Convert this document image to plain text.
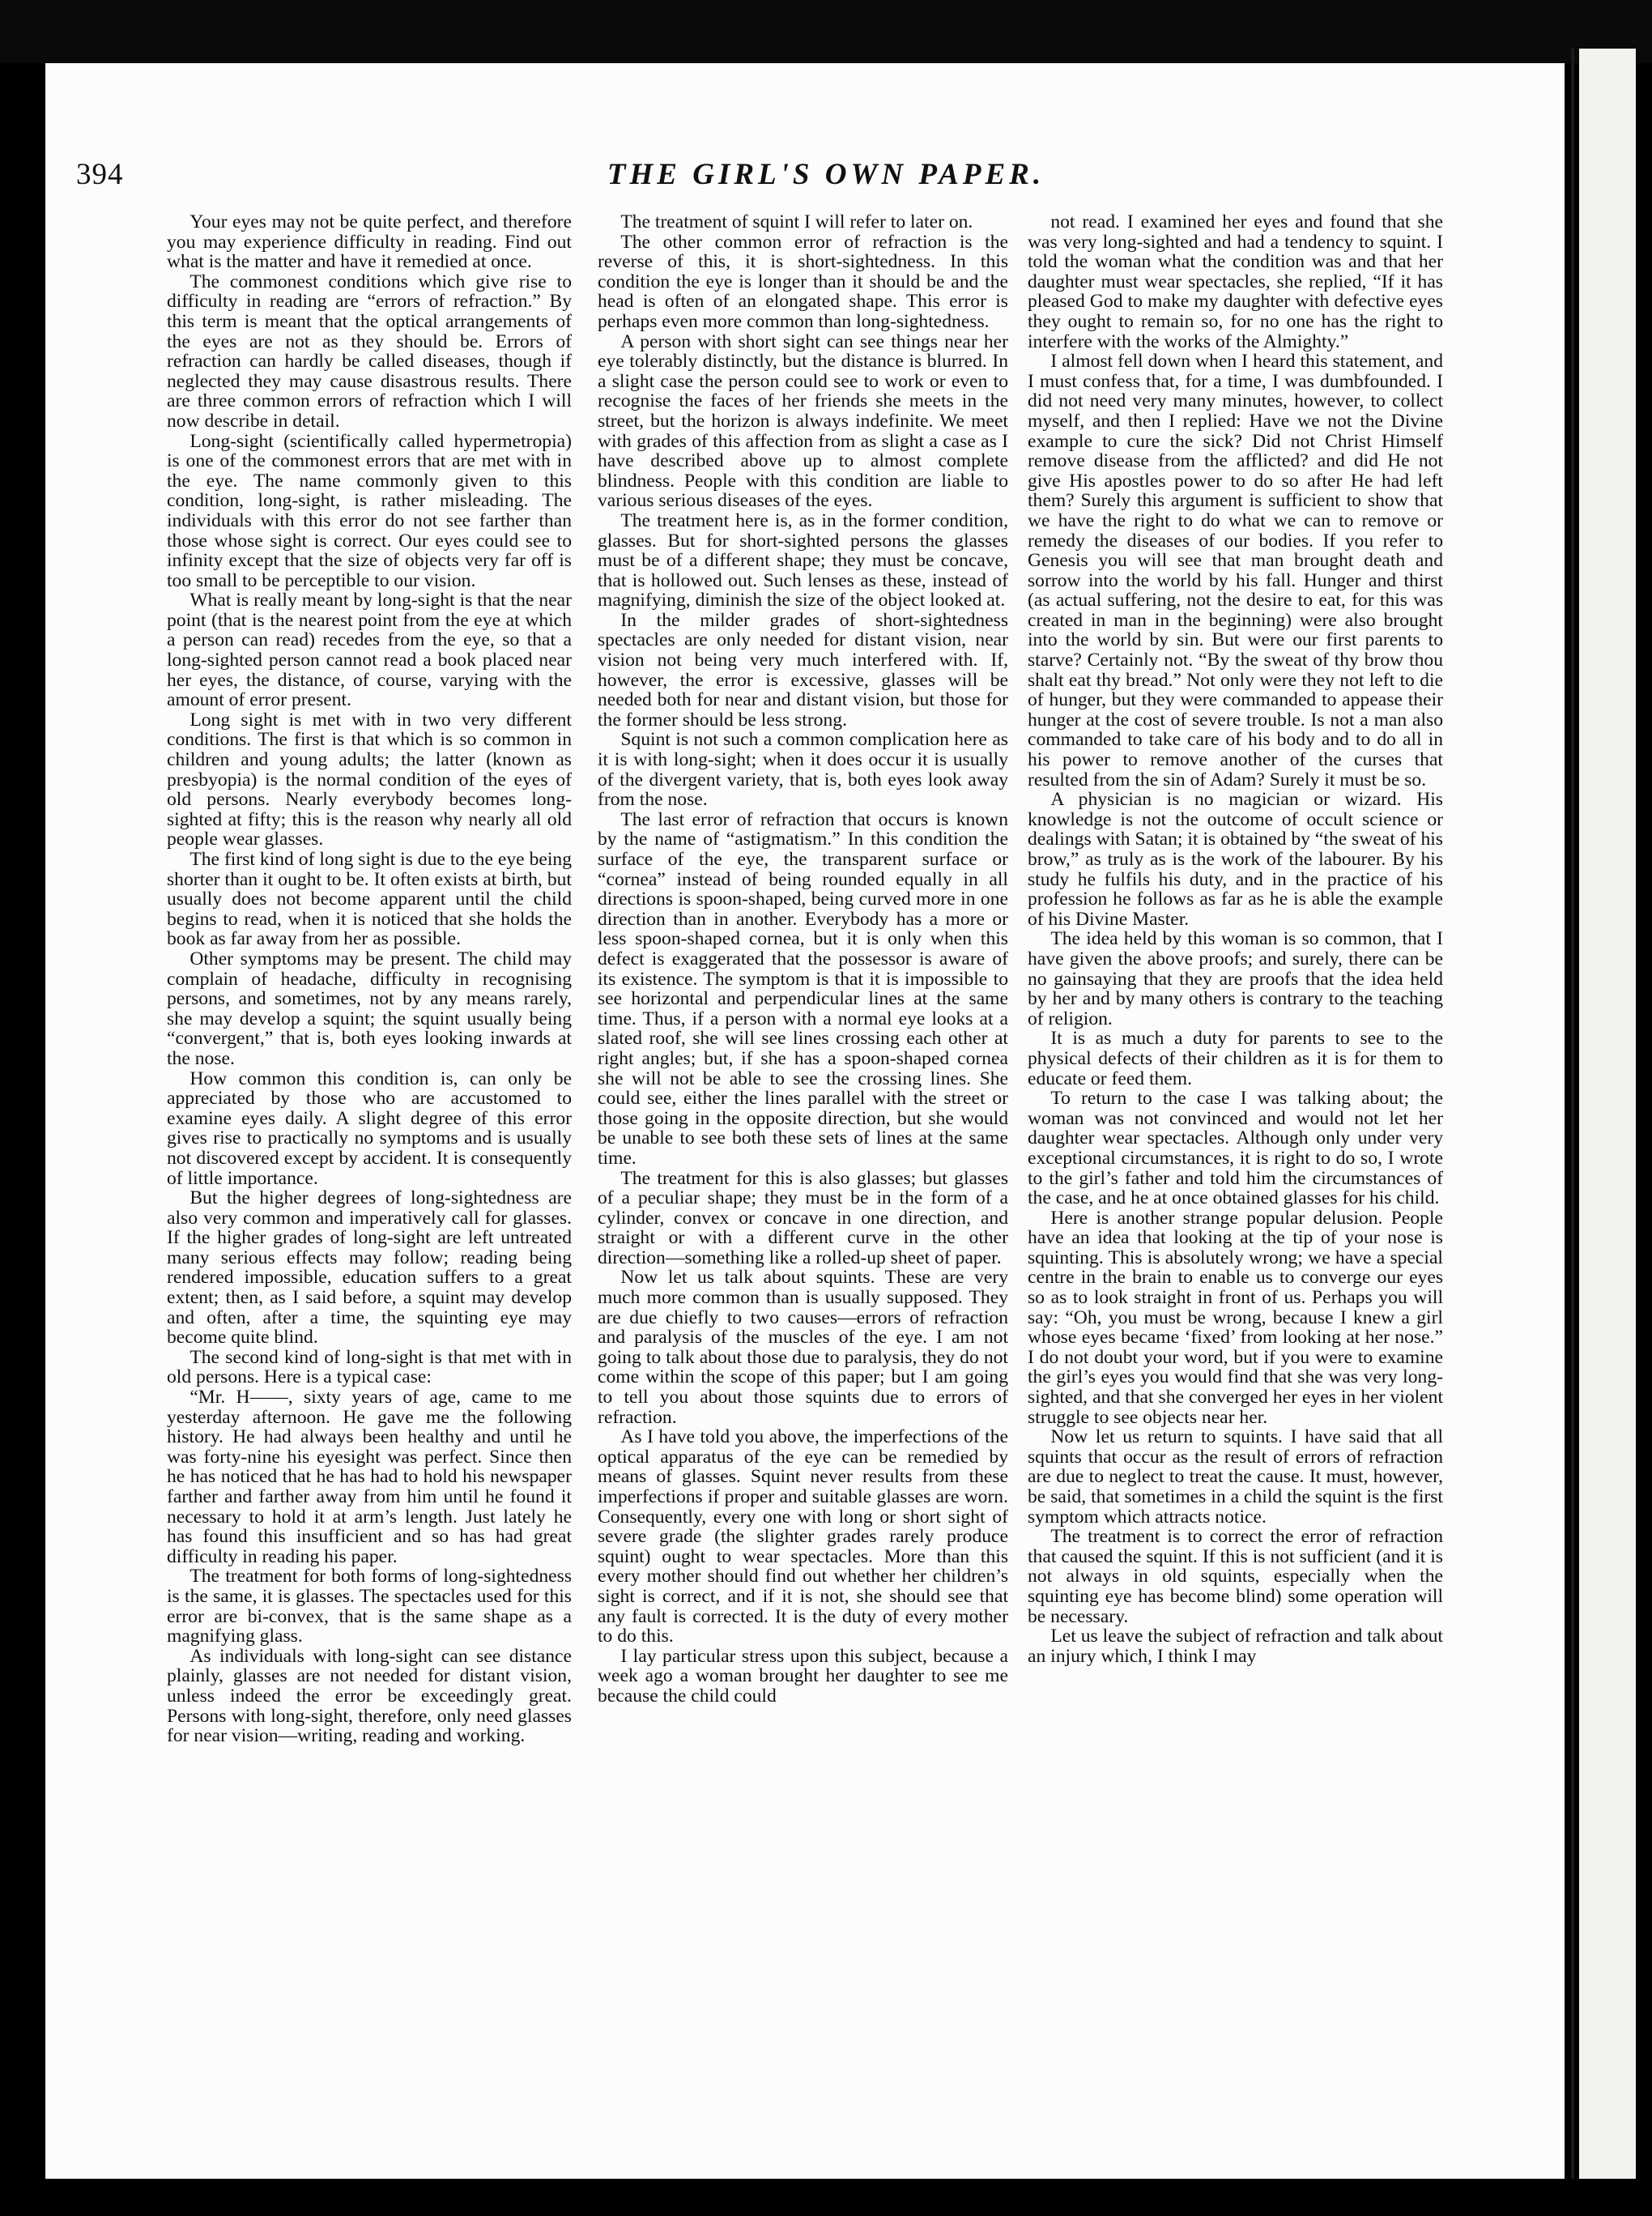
394	THE GIRL'S OWN PAPER.

Your eyes may not be quite perfect, and therefore you may experience difficulty in reading. Find out what is the matter and have it remedied at once.

The commonest conditions which give rise to difficulty in reading are “errors of refraction.” By this term is meant that the optical arrangements of the eyes are not as they should be. Errors of refraction can hardly be called diseases, though if neglected they may cause disastrous results. There are three common errors of refraction which I will now describe in detail.

Long-sight (scientifically called hypermetropia) is one of the commonest errors that are met with in the eye. The name commonly given to this condition, long-sight, is rather misleading. The individuals with this error do not see farther than those whose sight is correct. Our eyes could see to infinity except that the size of objects very far off is too small to be perceptible to our vision.

What is really meant by long-sight is that the near point (that is the nearest point from the eye at which a person can read) recedes from the eye, so that a long-sighted person cannot read a book placed near her eyes, the distance, of course, varying with the amount of error present.

Long sight is met with in two very different conditions. The first is that which is so common in children and young adults; the latter (known as presbyopia) is the normal condition of the eyes of old persons. Nearly everybody becomes long-sighted at fifty; this is the reason why nearly all old people wear glasses.

The first kind of long sight is due to the eye being shorter than it ought to be. It often exists at birth, but usually does not become apparent until the child begins to read, when it is noticed that she holds the book as far away from her as possible.

Other symptoms may be present. The child may complain of headache, difficulty in recognising persons, and sometimes, not by any means rarely, she may develop a squint; the squint usually being “convergent,” that is, both eyes looking inwards at the nose.

How common this condition is, can only be appreciated by those who are accustomed to examine eyes daily. A slight degree of this error gives rise to practically no symptoms and is usually not discovered except by accident. It is consequently of little importance.

But the higher degrees of long-sightedness are also very common and imperatively call for glasses. If the higher grades of long-sight are left untreated many serious effects may follow; reading being rendered impossible, education suffers to a great extent; then, as I said before, a squint may develop and often, after a time, the squinting eye may become quite blind.

The second kind of long-sight is that met with in old persons. Here is a typical case:

“Mr. H——, sixty years of age, came to me yesterday afternoon. He gave me the following history. He had always been healthy and until he was forty-nine his eyesight was perfect. Since then he has noticed that he has had to hold his newspaper farther and farther away from him until he found it necessary to hold it at arm’s length. Just lately he has found this insufficient and so has had great difficulty in reading his paper.

The treatment for both forms of long-sightedness is the same, it is glasses. The spectacles used for this error are bi-convex, that is the same shape as a magnifying glass.

As individuals with long-sight can see distance plainly, glasses are not needed for distant vision, unless indeed the error be exceedingly great. Persons with long-sight, therefore, only need glasses for near vision—writing, reading and working.

The treatment of squint I will refer to later on.

The other common error of refraction is the reverse of this, it is short-sightedness. In this condition the eye is longer than it should be and the head is often of an elongated shape. This error is perhaps even more common than long-sightedness.

A person with short sight can see things near her eye tolerably distinctly, but the distance is blurred. In a slight case the person could see to work or even to recognise the faces of her friends she meets in the street, but the horizon is always indefinite. We meet with grades of this affection from as slight a case as I have described above up to almost complete blindness. People with this condition are liable to various serious diseases of the eyes.

The treatment here is, as in the former condition, glasses. But for short-sighted persons the glasses must be of a different shape; they must be concave, that is hollowed out. Such lenses as these, instead of magnifying, diminish the size of the object looked at.

In the milder grades of short-sightedness spectacles are only needed for distant vision, near vision not being very much interfered with. If, however, the error is excessive, glasses will be needed both for near and distant vision, but those for the former should be less strong.

Squint is not such a common complication here as it is with long-sight; when it does occur it is usually of the divergent variety, that is, both eyes look away from the nose.

The last error of refraction that occurs is known by the name of “astigmatism.” In this condition the surface of the eye, the transparent surface or “cornea” instead of being rounded equally in all directions is spoon-shaped, being curved more in one direction than in another. Everybody has a more or less spoon-shaped cornea, but it is only when this defect is exaggerated that the possessor is aware of its existence. The symptom is that it is impossible to see horizontal and perpendicular lines at the same time. Thus, if a person with a normal eye looks at a slated roof, she will see lines crossing each other at right angles; but, if she has a spoon-shaped cornea she will not be able to see the crossing lines. She could see, either the lines parallel with the street or those going in the opposite direction, but she would be unable to see both these sets of lines at the same time.

The treatment for this is also glasses; but glasses of a peculiar shape; they must be in the form of a cylinder, convex or concave in one direction, and straight or with a different curve in the other direction—something like a rolled-up sheet of paper.

Now let us talk about squints. These are very much more common than is usually supposed. They are due chiefly to two causes—errors of refraction and paralysis of the muscles of the eye. I am not going to talk about those due to paralysis, they do not come within the scope of this paper; but I am going to tell you about those squints due to errors of refraction.

As I have told you above, the imperfections of the optical apparatus of the eye can be remedied by means of glasses. Squint never results from these imperfections if proper and suitable glasses are worn. Consequently, every one with long or short sight of severe grade (the slighter grades rarely produce squint) ought to wear spectacles. More than this every mother should find out whether her children’s sight is correct, and if it is not, she should see that any fault is corrected. It is the duty of every mother to do this.

I lay particular stress upon this subject, because a week ago a woman brought her daughter to see me because the child could

not read. I examined her eyes and found that she was very long-sighted and had a tendency to squint. I told the woman what the condition was and that her daughter must wear spectacles, she replied, “If it has pleased God to make my daughter with defective eyes they ought to remain so, for no one has the right to interfere with the works of the Almighty.”

I almost fell down when I heard this statement, and I must confess that, for a time, I was dumbfounded. I did not need very many minutes, however, to collect myself, and then I replied: Have we not the Divine example to cure the sick? Did not Christ Himself remove disease from the afflicted? and did He not give His apostles power to do so after He had left them? Surely this argument is sufficient to show that we have the right to do what we can to remove or remedy the diseases of our bodies. If you refer to Genesis you will see that man brought death and sorrow into the world by his fall. Hunger and thirst (as actual suffering, not the desire to eat, for this was created in man in the beginning) were also brought into the world by sin. But were our first parents to starve? Certainly not. “By the sweat of thy brow thou shalt eat thy bread.” Not only were they not left to die of hunger, but they were commanded to appease their hunger at the cost of severe trouble. Is not a man also commanded to take care of his body and to do all in his power to remove another of the curses that resulted from the sin of Adam? Surely it must be so.

A physician is no magician or wizard. His knowledge is not the outcome of occult science or dealings with Satan; it is obtained by “the sweat of his brow,” as truly as is the work of the labourer. By his study he fulfils his duty, and in the practice of his profession he follows as far as he is able the example of his Divine Master.

The idea held by this woman is so common, that I have given the above proofs; and surely, there can be no gainsaying that they are proofs that the idea held by her and by many others is contrary to the teaching of religion.

It is as much a duty for parents to see to the physical defects of their children as it is for them to educate or feed them.

To return to the case I was talking about; the woman was not convinced and would not let her daughter wear spectacles. Although only under very exceptional circumstances, it is right to do so, I wrote to the girl’s father and told him the circumstances of the case, and he at once obtained glasses for his child.

Here is another strange popular delusion. People have an idea that looking at the tip of your nose is squinting. This is absolutely wrong; we have a special centre in the brain to enable us to converge our eyes so as to look straight in front of us. Perhaps you will say: “Oh, you must be wrong, because I knew a girl whose eyes became ‘fixed’ from looking at her nose.” I do not doubt your word, but if you were to examine the girl’s eyes you would find that she was very long-sighted, and that she converged her eyes in her violent struggle to see objects near her.

Now let us return to squints. I have said that all squints that occur as the result of errors of refraction are due to neglect to treat the cause. It must, however, be said, that sometimes in a child the squint is the first symptom which attracts notice.

The treatment is to correct the error of refraction that caused the squint. If this is not sufficient (and it is not always in old squints, especially when the squinting eye has become blind) some operation will be necessary.

Let us leave the subject of refraction and talk about an injury which, I think I may
